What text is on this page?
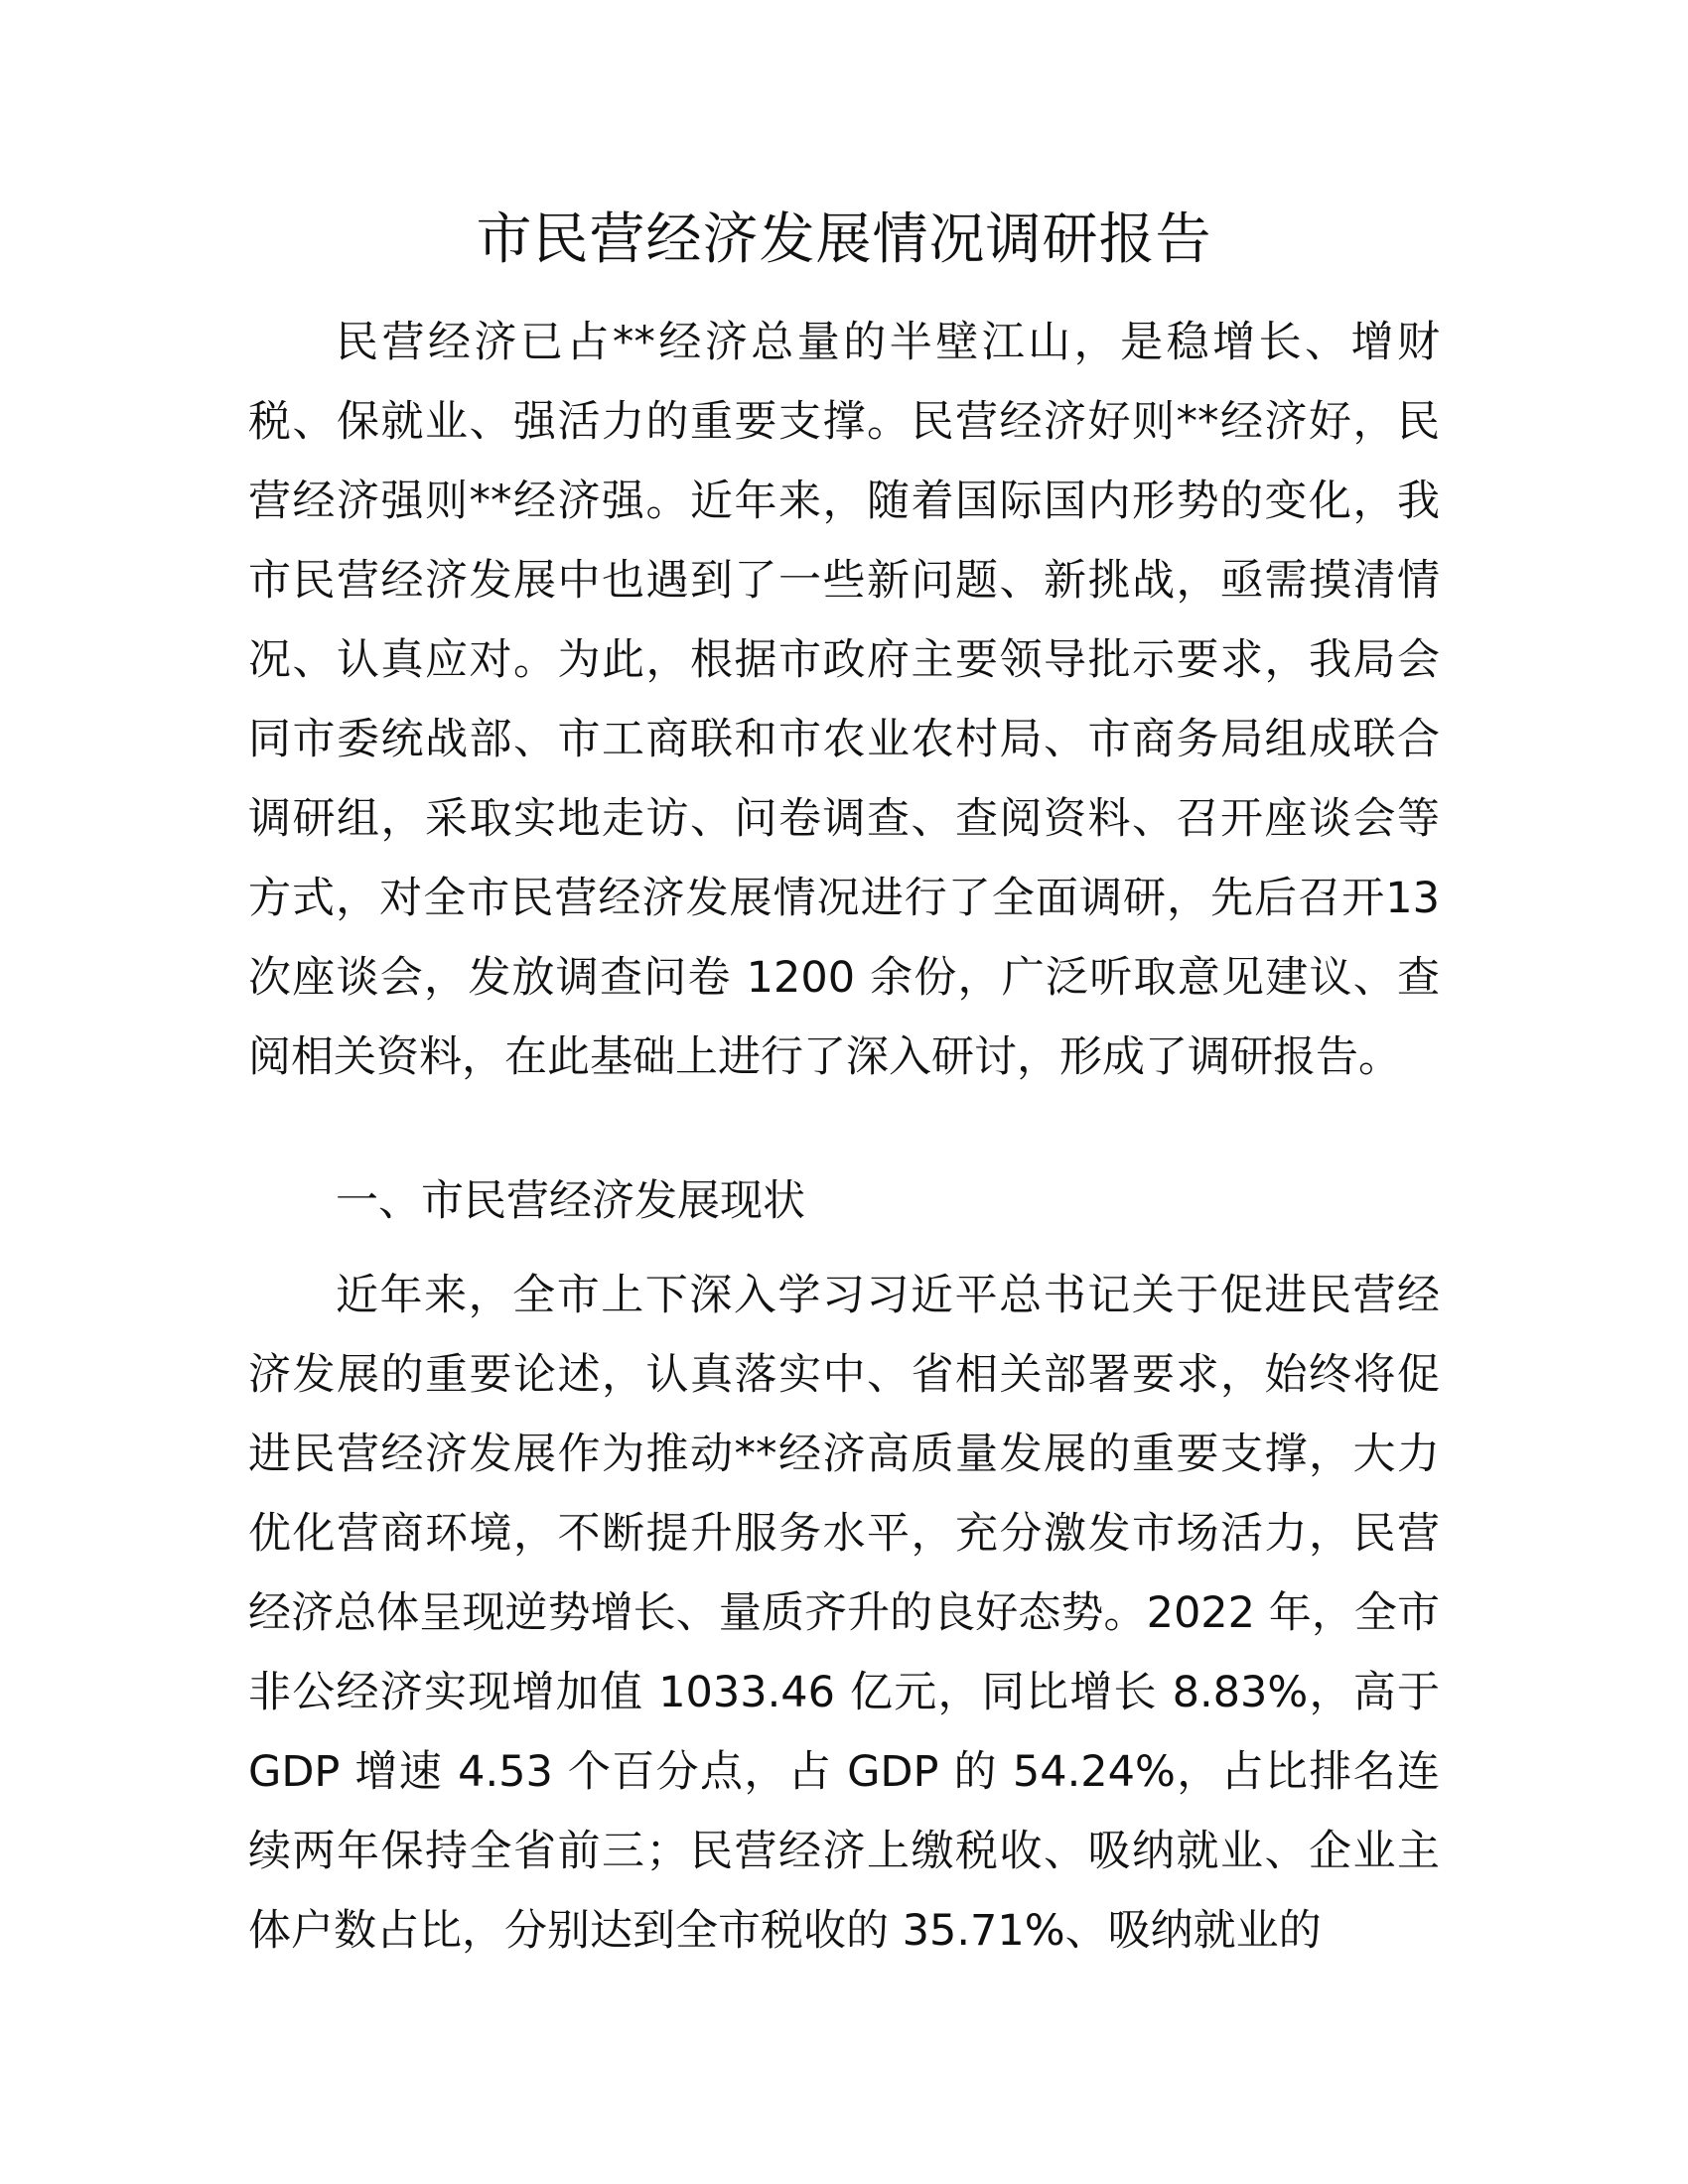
市民营经济发展情况调研报告

民营经济已占**经济总量的半壁江山，是稳增长、增财税、保就业、强活力的重要支撑。民营经济好则**经济好，民营经济强则**经济强。近年来，随着国际国内形势的变化，我市民营经济发展中也遇到了一些新问题、新挑战，亟需摸清情况、认真应对。为此，根据市政府主要领导批示要求，我局会同市委统战部、市工商联和市农业农村局、市商务局组成联合调研组，采取实地走访、问卷调查、查阅资料、召开座谈会等方式，对全市民营经济发展情况进行了全面调研，先后召开13 次座谈会，发放调查问卷 1200 余份，广泛听取意见建议、查阅相关资料，在此基础上进行了深入研讨，形成了调研报告。

一、市民营经济发展现状

近年来，全市上下深入学习习近平总书记关于促进民营经济发展的重要论述，认真落实中、省相关部署要求，始终将促进民营经济发展作为推动**经济高质量发展的重要支撑，大力优化营商环境，不断提升服务水平，充分激发市场活力，民营经济总体呈现逆势增长、量质齐升的良好态势。2022 年，全市非公经济实现增加值 1033.46 亿元，同比增长 8.83%，高于 GDP 增速 4.53 个百分点，占 GDP 的 54.24%，占比排名连续两年保持全省前三；民营经济上缴税收、吸纳就业、企业主体户数占比，分别达到全市税收的 35.71%、吸纳就业的
